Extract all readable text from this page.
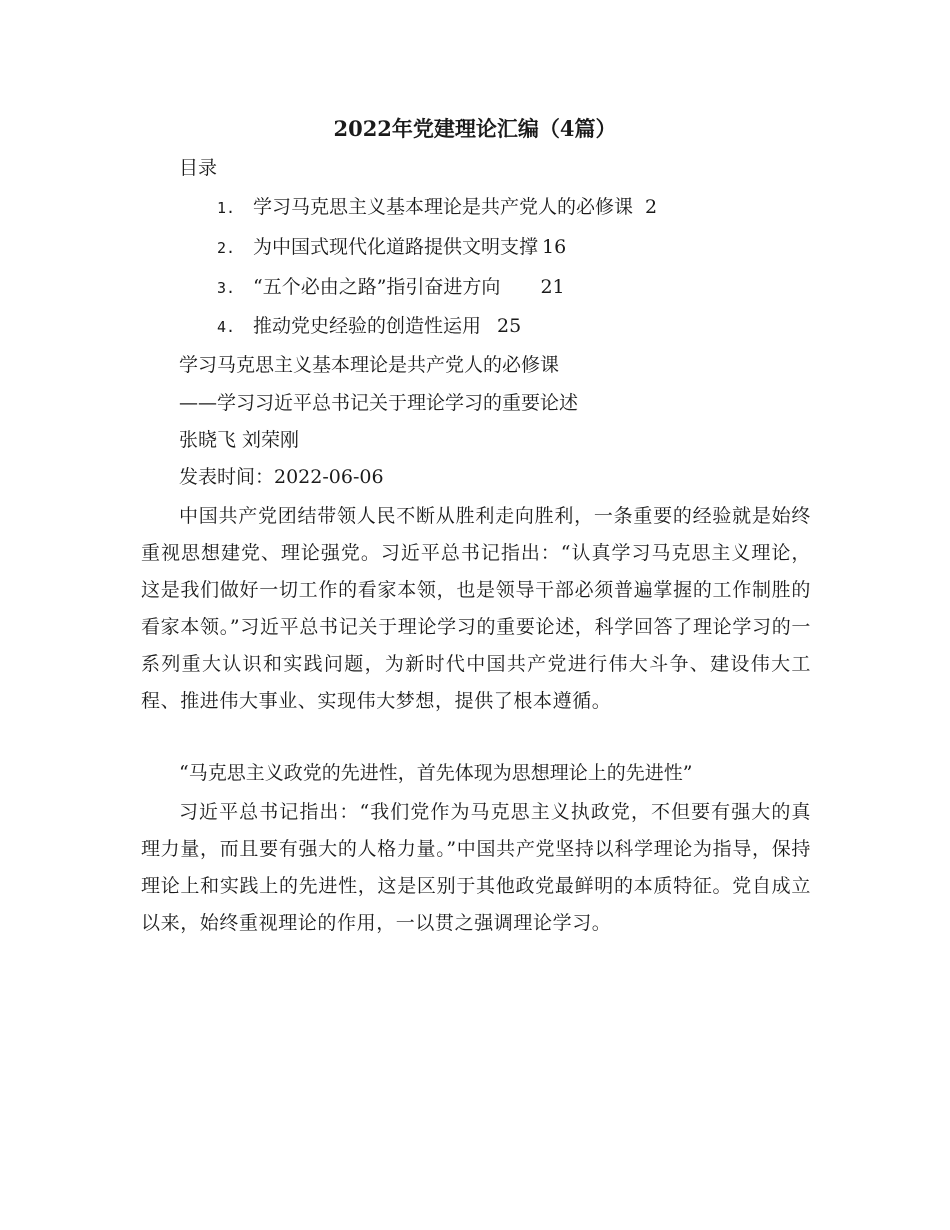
2022年党建理论汇编（4篇）
目录
1. 学习马克思主义基本理论是共产党人的必修课 2
2. 为中国式现代化道路提供文明支撑 16
3. “五个必由之路”指引奋进方向 21
4. 推动党史经验的创造性运用 25
学习马克思主义基本理论是共产党人的必修课
——学习习近平总书记关于理论学习的重要论述
张晓飞 刘荣刚
发表时间：2022-06-06
中国共产党团结带领人民不断从胜利走向胜利，一条重要的经验就是始终重视思想建党、理论强党。习近平总书记指出：“认真学习马克思主义理论，这是我们做好一切工作的看家本领，也是领导干部必须普遍掌握的工作制胜的看家本领。”习近平总书记关于理论学习的重要论述，科学回答了理论学习的一系列重大认识和实践问题，为新时代中国共产党进行伟大斗争、建设伟大工程、推进伟大事业、实现伟大梦想，提供了根本遵循。
“马克思主义政党的先进性，首先体现为思想理论上的先进性”
习近平总书记指出：“我们党作为马克思主义执政党，不但要有强大的真理力量，而且要有强大的人格力量。”中国共产党坚持以科学理论为指导，保持理论上和实践上的先进性，这是区别于其他政党最鲜明的本质特征。党自成立以来，始终重视理论的作用，一以贯之强调理论学习。
